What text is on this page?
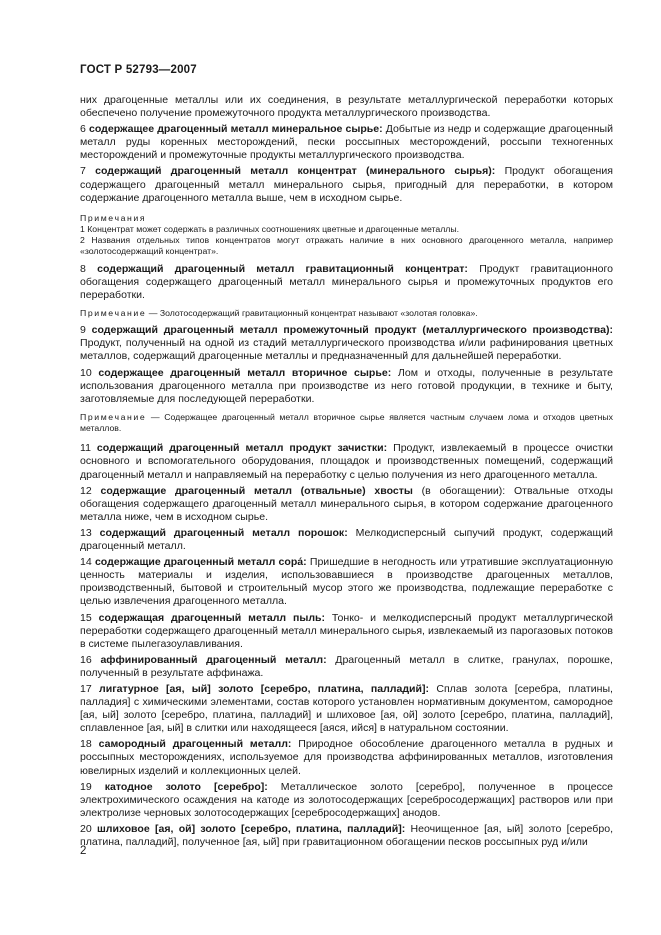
ГОСТ Р 52793—2007

них драгоценные металлы или их соединения, в результате металлургической переработки которых обеспечено получение промежуточного продукта металлургического производства.

6 содержащее драгоценный металл минеральное сырье: Добытые из недр и содержащие драгоценный металл руды коренных месторождений, пески россыпных месторождений, россыпи техногенных месторождений и промежуточные продукты металлургического производства.

7 содержащий драгоценный металл концентрат (минерального сырья): Продукт обогащения содержащего драгоценный металл минерального сырья, пригодный для переработки, в котором содержание драгоценного металла выше, чем в исходном сырье.

Примечания

1 Концентрат может содержать в различных соотношениях цветные и драгоценные металлы.

2 Названия отдельных типов концентратов могут отражать наличие в них основного драгоценного металла, например «золотосодержащий концентрат».

8 содержащий драгоценный металл гравитационный концентрат: Продукт гравитационного обогащения содержащего драгоценный металл минерального сырья и промежуточных продуктов его переработки.

Примечание — Золотосодержащий гравитационный концентрат называют «золотая головка».

9 содержащий драгоценный металл промежуточный продукт (металлургического производства): Продукт, полученный на одной из стадий металлургического производства и/или рафинирования цветных металлов, содержащий драгоценные металлы и предназначенный для дальнейшей переработки.

10 содержащее драгоценный металл вторичное сырье: Лом и отходы, полученные в результате использования драгоценного металла при производстве из него готовой продукции, в технике и быту, заготовляемые для последующей переработки.

Примечание — Содержащее драгоценный металл вторичное сырье является частным случаем лома и отходов цветных металлов.

11 содержащий драгоценный металл продукт зачистки: Продукт, извлекаемый в процессе очистки основного и вспомогательного оборудования, площадок и производственных помещений, содержащий драгоценный металл и направляемый на переработку с целью получения из него драгоценного металла.

12 содержащие драгоценный металл (отвальные) хвосты (в обогащении): Отвальные отходы обогащения содержащего драгоценный металл минерального сырья, в котором содержание драгоценного металла ниже, чем в исходном сырье.

13 содержащий драгоценный металл порошок: Мелкодисперсный сыпучий продукт, содержащий драгоценный металл.

14 содержащие драгоценный металл сора́: Пришедшие в негодность или утратившие эксплуатационную ценность материалы и изделия, использовавшиеся в производстве драгоценных металлов, производственный, бытовой и строительный мусор этого же производства, подлежащие переработке с целью извлечения драгоценного металла.

15 содержащая драгоценный металл пыль: Тонко- и мелкодисперсный продукт металлургической переработки содержащего драгоценный металл минерального сырья, извлекаемый из парогазовых потоков в системе пылегазоулавливания.

16 аффинированный драгоценный металл: Драгоценный металл в слитке, гранулах, порошке, полученный в результате аффинажа.

17 лигатурное [ая, ый] золото [серебро, платина, палладий]: Сплав золота [серебра, платины, палладия] с химическими элементами, состав которого установлен нормативным документом, самородное [ая, ый] золото [серебро, платина, палладий] и шлиховое [ая, ой] золото [серебро, платина, палладий], сплавленное [ая, ый] в слитки или находящееся [аяся, ийся] в натуральном состоянии.

18 самородный драгоценный металл: Природное обособление драгоценного металла в рудных и россыпных месторождениях, используемое для производства аффинированных металлов, изготовления ювелирных изделий и коллекционных целей.

19 катодное золото [серебро]: Металлическое золото [серебро], полученное в процессе электрохимического осаждения на катоде из золотосодержащих [серебросодержащих] растворов или при электролизе черновых золотосодержащих [серебросодержащих] анодов.

20 шлиховое [ая, ой] золото [серебро, платина, палладий]: Неочищенное [ая, ый] золото [серебро, платина, палладий], полученное [ая, ый] при гравитационном обогащении песков россыпных руд и/или

2
